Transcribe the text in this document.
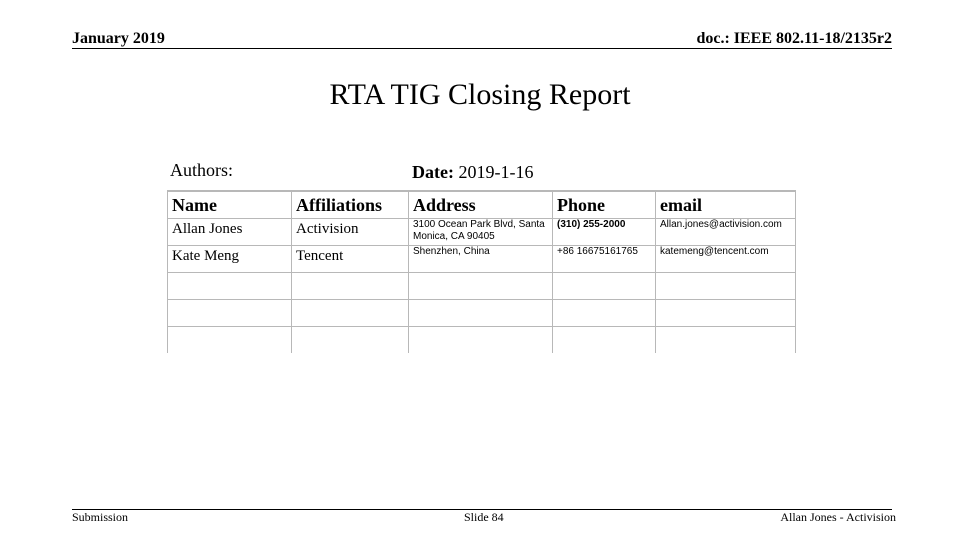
January 2019	doc.: IEEE 802.11-18/2135r2
RTA TIG Closing Report
Authors:	Date: 2019-1-16
Name	Affiliations	Address	Phone	email
Allan Jones	Activision	3100 Ocean Park Blvd, Santa Monica, CA 90405	(310) 255-2000	Allan.jones@activision.com
Kate Meng	Tencent	Shenzhen, China	+86 16675161765	katemeng@tencent.com

Submission	Slide 84	Allan Jones - Activision
